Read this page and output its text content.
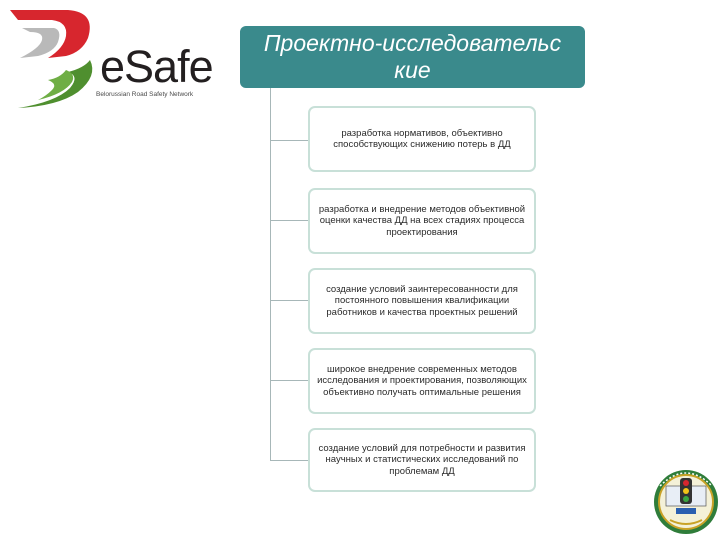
eSafe
Belorussian Road Safety Network
Проектно-исследовательс
кие
разработка нормативов, объективно способствующих снижению потерь в ДД
разработка и внедрение методов объективной оценки качества ДД на всех стадиях процесса проектирования
создание условий заинтересованности для постоянного повышения квалификации работников и качества проектных решений
широкое внедрение современных методов исследования и проектирования, позволяющих объективно получать оптимальные решения
создание условий для потребности и развития научных и статистических исследований по проблемам ДД
